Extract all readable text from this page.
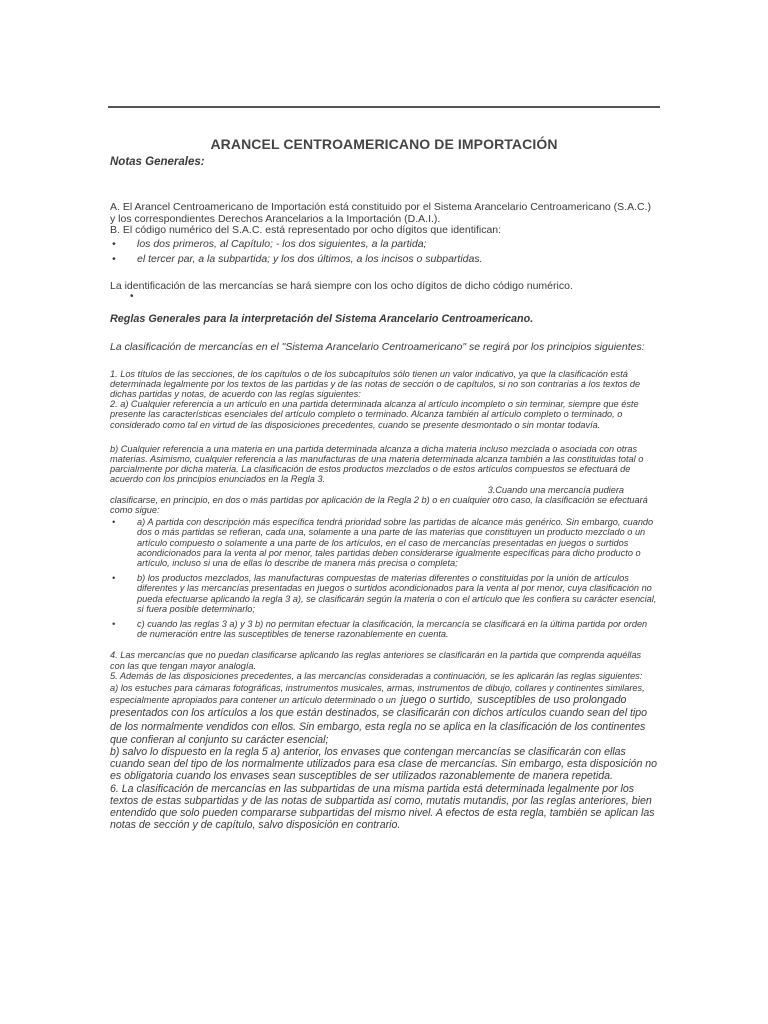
ARANCEL CENTROAMERICANO DE IMPORTACIÓN
Notas Generales:
A. El Arancel Centroamericano de Importación está constituido por el Sistema Arancelario Centroamericano (S.A.C.) y los correspondientes Derechos Arancelarios a la Importación (D.A.I.).
B. El código numérico del S.A.C. está representado por ocho dígitos que identifican:
• los dos primeros, al Capítulo; - los dos siguientes, a la partida;
• el tercer par, a la subpartida; y los dos últimos, a los incisos o subpartidas.
La identificación de las mercancías se hará siempre con los ocho dígitos de dicho código numérico.
•
Reglas Generales para la interpretación del Sistema Arancelario Centroamericano.
La clasificación de mercancías en el "Sistema Arancelario Centroamericano" se regirá por los principios siguientes:
1. Los títulos de las secciones, de los capítulos o de los subcapítulos sólo tienen un valor indicativo, ya que la clasificación está determinada legalmente por los textos de las partidas y de las notas de sección o de capítulos, si no son contrarias a los textos de dichas partidas y notas, de acuerdo con las reglas siguientes:
2. a) Cualquier referencia a un artículo en una partida determinada alcanza al artículo incompleto o sin terminar, siempre que éste presente las características esenciales del artículo completo o terminado. Alcanza también al artículo completo o terminado, o considerado como tal en virtud de las disposiciones precedentes, cuando se presente desmontado o sin montar todavía.
b) Cualquier referencia a una materia en una partida determinada alcanza a dicha materia incluso mezclada o asociada con otras materias. Asimismo, cualquier referencia a las manufacturas de una materia determinada alcanza también a las constituidas total o parcialmente por dicha materia. La clasificación de estos productos mezclados o de estos artículos compuestos se efectuará de acuerdo con los principios enunciados en la Regla 3.
3.Cuando una mercancía pudiera
clasificarse, en principio, en dos o más partidas por aplicación de la Regla 2 b) o en cualquier otro caso, la clasificación se efectuará como sigue:
• a) A partida con descripción más específica tendrá prioridad sobre las partidas de alcance más genérico. Sin embargo, cuando dos o más partidas se refieran, cada una, solamente a una parte de las materias que constituyen un producto mezclado o un artículo compuesto o solamente a una parte de los artículos, en el caso de mercancías presentadas en juegos o surtidos acondicionados para la venta al por menor, tales partidas deben considerarse igualmente específicas para dicho producto o artículo, incluso si una de ellas lo describe de manera más precisa o completa;
• b) los productos mezclados, las manufacturas compuestas de materias diferentes o constituidas por la unión de artículos diferentes y las mercancías presentadas en juegos o surtidos acondicionados para la venta al por menor, cuya clasificación no pueda efectuarse aplicando la regla 3 a), se clasificarán según la materia o con el artículo que les confiera su carácter esencial, si fuera posible determinarlo;
• c) cuando las reglas 3 a) y 3 b) no permitan efectuar la clasificación, la mercancía se clasificará en la última partida por orden de numeración entre las susceptibles de tenerse razonablemente en cuenta.
4. Las mercancías que no puedan clasificarse aplicando las reglas anteriores se clasificarán en la partida que comprenda aquéllas con las que tengan mayor analogía.
5. Además de las disposiciones precedentes, a las mercancías consideradas a continuación, se les aplicarán las reglas siguientes:
a) los estuches para cámaras fotográficas, instrumentos musicales, armas, instrumentos de dibujo, collares y continentes similares, especialmente apropiados para contener un artículo determinado o un juego o surtido, susceptibles de uso prolongado presentados con los artículos a los que están destinados, se clasificarán con dichos artículos cuando sean del tipo de los normalmente vendidos con ellos. Sin embargo, esta regla no se aplica en la clasificación de los continentes que confieran al conjunto su carácter esencial;
b) salvo lo dispuesto en la regla 5 a) anterior, los envases que contengan mercancías se clasificarán con ellas cuando sean del tipo de los normalmente utilizados para esa clase de mercancías. Sin embargo, esta disposición no es obligatoria cuando los envases sean susceptibles de ser utilizados razonablemente de manera repetida.
6. La clasificación de mercancías en las subpartidas de una misma partida está determinada legalmente por los textos de estas subpartidas y de las notas de subpartida así como, mutatis mutandis, por las reglas anteriores, bien entendido que solo pueden compararse subpartidas del mismo nivel. A efectos de esta regla, también se aplican las notas de sección y de capítulo, salvo disposición en contrario.
